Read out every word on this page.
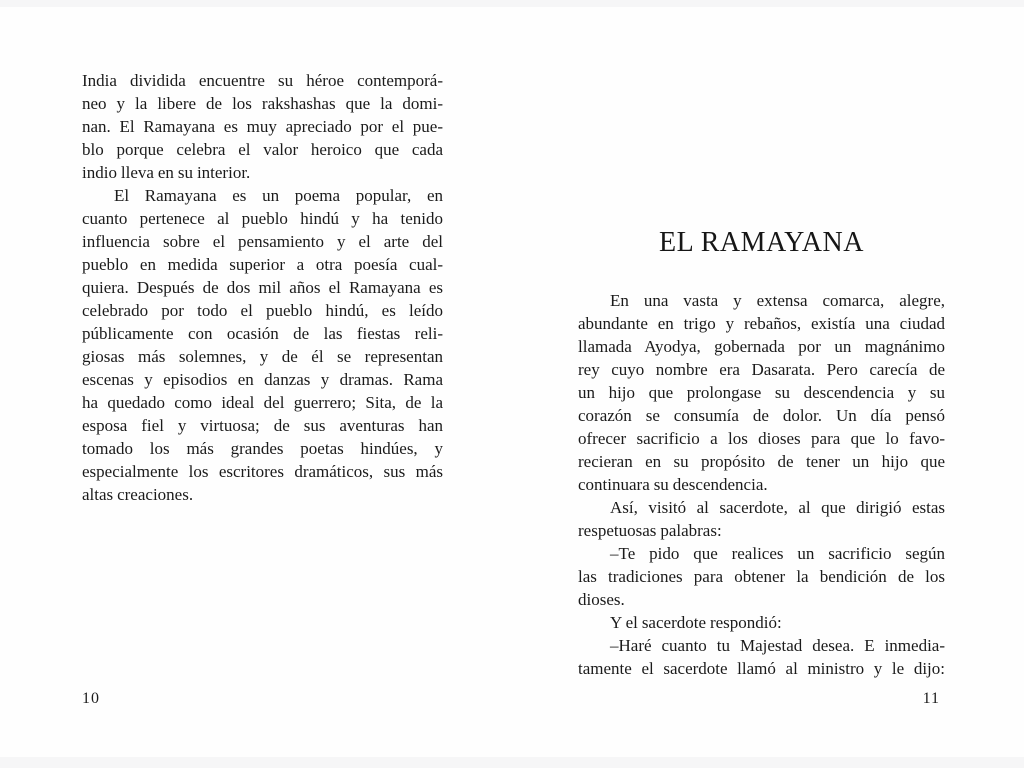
India dividida encuentre su héroe contemporá-
neo y la libere de los rakshashas que la domi-
nan. El Ramayana es muy apreciado por el pue-
blo porque celebra el valor heroico que cada
indio lleva en su interior.
El Ramayana es un poema popular, en
cuanto pertenece al pueblo hindú y ha tenido
influencia sobre el pensamiento y el arte del
pueblo en medida superior a otra poesía cual-
quiera. Después de dos mil años el Ramayana es
celebrado por todo el pueblo hindú, es leído
públicamente con ocasión de las fiestas reli-
giosas más solemnes, y de él se representan
escenas y episodios en danzas y dramas. Rama
ha quedado como ideal del guerrero; Sita, de la
esposa fiel y virtuosa; de sus aventuras han
tomado los más grandes poetas hindúes, y
especialmente los escritores dramáticos, sus más
altas creaciones.
10
EL RAMAYANA
En una vasta y extensa comarca, alegre,
abundante en trigo y rebaños, existía una ciudad
llamada Ayodya, gobernada por un magnánimo
rey cuyo nombre era Dasarata. Pero carecía de
un hijo que prolongase su descendencia y su
corazón se consumía de dolor. Un día pensó
ofrecer sacrificio a los dioses para que lo favo-
recieran en su propósito de tener un hijo que
continuara su descendencia.
Así, visitó al sacerdote, al que dirigió estas
respetuosas palabras:
–Te pido que realices un sacrificio según
las tradiciones para obtener la bendición de los
dioses.
Y el sacerdote respondió:
–Haré cuanto tu Majestad desea. E inmedia-
tamente el sacerdote llamó al ministro y le dijo:
11
